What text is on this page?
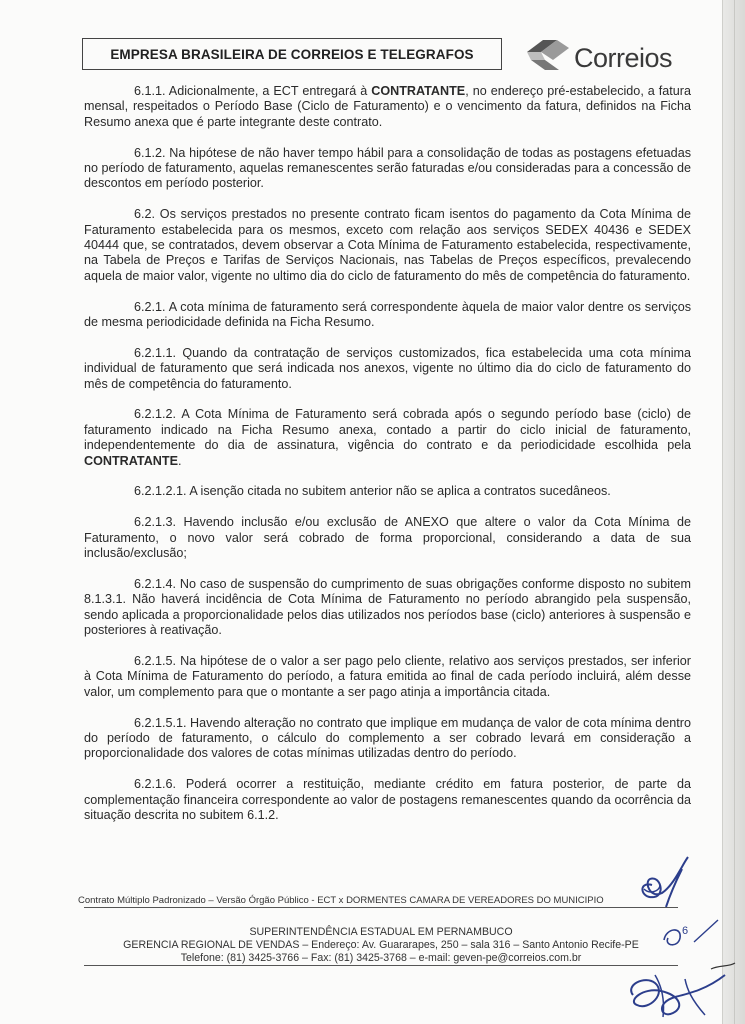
EMPRESA BRASILEIRA DE CORREIOS E TELEGRAFOS	Correios

6.1.1. Adicionalmente, a ECT entregará à CONTRATANTE, no endereço pré-estabelecido, a fatura mensal, respeitados o Período Base (Ciclo de Faturamento) e o vencimento da fatura, definidos na Ficha Resumo anexa que é parte integrante deste contrato.

6.1.2. Na hipótese de não haver tempo hábil para a consolidação de todas as postagens efetuadas no período de faturamento, aquelas remanescentes serão faturadas e/ou consideradas para a concessão de descontos em período posterior.

6.2. Os serviços prestados no presente contrato ficam isentos do pagamento da Cota Mínima de Faturamento estabelecida para os mesmos, exceto com relação aos serviços SEDEX 40436 e SEDEX 40444 que, se contratados, devem observar a Cota Mínima de Faturamento estabelecida, respectivamente, na Tabela de Preços e Tarifas de Serviços Nacionais, nas Tabelas de Preços específicos, prevalecendo aquela de maior valor, vigente no ultimo dia do ciclo de faturamento do mês de competência do faturamento.

6.2.1. A cota mínima de faturamento será correspondente àquela de maior valor dentre os serviços de mesma periodicidade definida na Ficha Resumo.

6.2.1.1. Quando da contratação de serviços customizados, fica estabelecida uma cota mínima individual de faturamento que será indicada nos anexos, vigente no último dia do ciclo de faturamento do mês de competência do faturamento.

6.2.1.2. A Cota Mínima de Faturamento será cobrada após o segundo período base (ciclo) de faturamento indicado na Ficha Resumo anexa, contado a partir do ciclo inicial de faturamento, independentemente do dia de assinatura, vigência do contrato e da periodicidade escolhida pela CONTRATANTE.

6.2.1.2.1. A isenção citada no subitem anterior não se aplica a contratos sucedâneos.

6.2.1.3. Havendo inclusão e/ou exclusão de ANEXO que altere o valor da Cota Mínima de Faturamento, o novo valor será cobrado de forma proporcional, considerando a data de sua inclusão/exclusão;

6.2.1.4. No caso de suspensão do cumprimento de suas obrigações conforme disposto no subitem 8.1.3.1. Não haverá incidência de Cota Mínima de Faturamento no período abrangido pela suspensão, sendo aplicada a proporcionalidade pelos dias utilizados nos períodos base (ciclo) anteriores à suspensão e posteriores à reativação.

6.2.1.5. Na hipótese de o valor a ser pago pelo cliente, relativo aos serviços prestados, ser inferior à Cota Mínima de Faturamento do período, a fatura emitida ao final de cada período incluirá, além desse valor, um complemento para que o montante a ser pago atinja a importância citada.

6.2.1.5.1. Havendo alteração no contrato que implique em mudança de valor de cota mínima dentro do período de faturamento, o cálculo do complemento a ser cobrado levará em consideração a proporcionalidade dos valores de cotas mínimas utilizadas dentro do período.

6.2.1.6. Poderá ocorrer a restituição, mediante crédito em fatura posterior, de parte da complementação financeira correspondente ao valor de postagens remanescentes quando da ocorrência da situação descrita no subitem 6.1.2.

Contrato Múltiplo Padronizado – Versão Órgão Público - ECT x DORMENTES CAMARA DE VEREADORES DO MUNICIPIO
SUPERINTENDÊNCIA ESTADUAL EM PERNAMBUCO
GERENCIA REGIONAL DE VENDAS – Endereço: Av. Guararapes, 250 – sala 316 – Santo Antonio Recife-PE
Telefone: (81) 3425-3766 – Fax: (81) 3425-3768 – e-mail: geven-pe@correios.com.br
6
